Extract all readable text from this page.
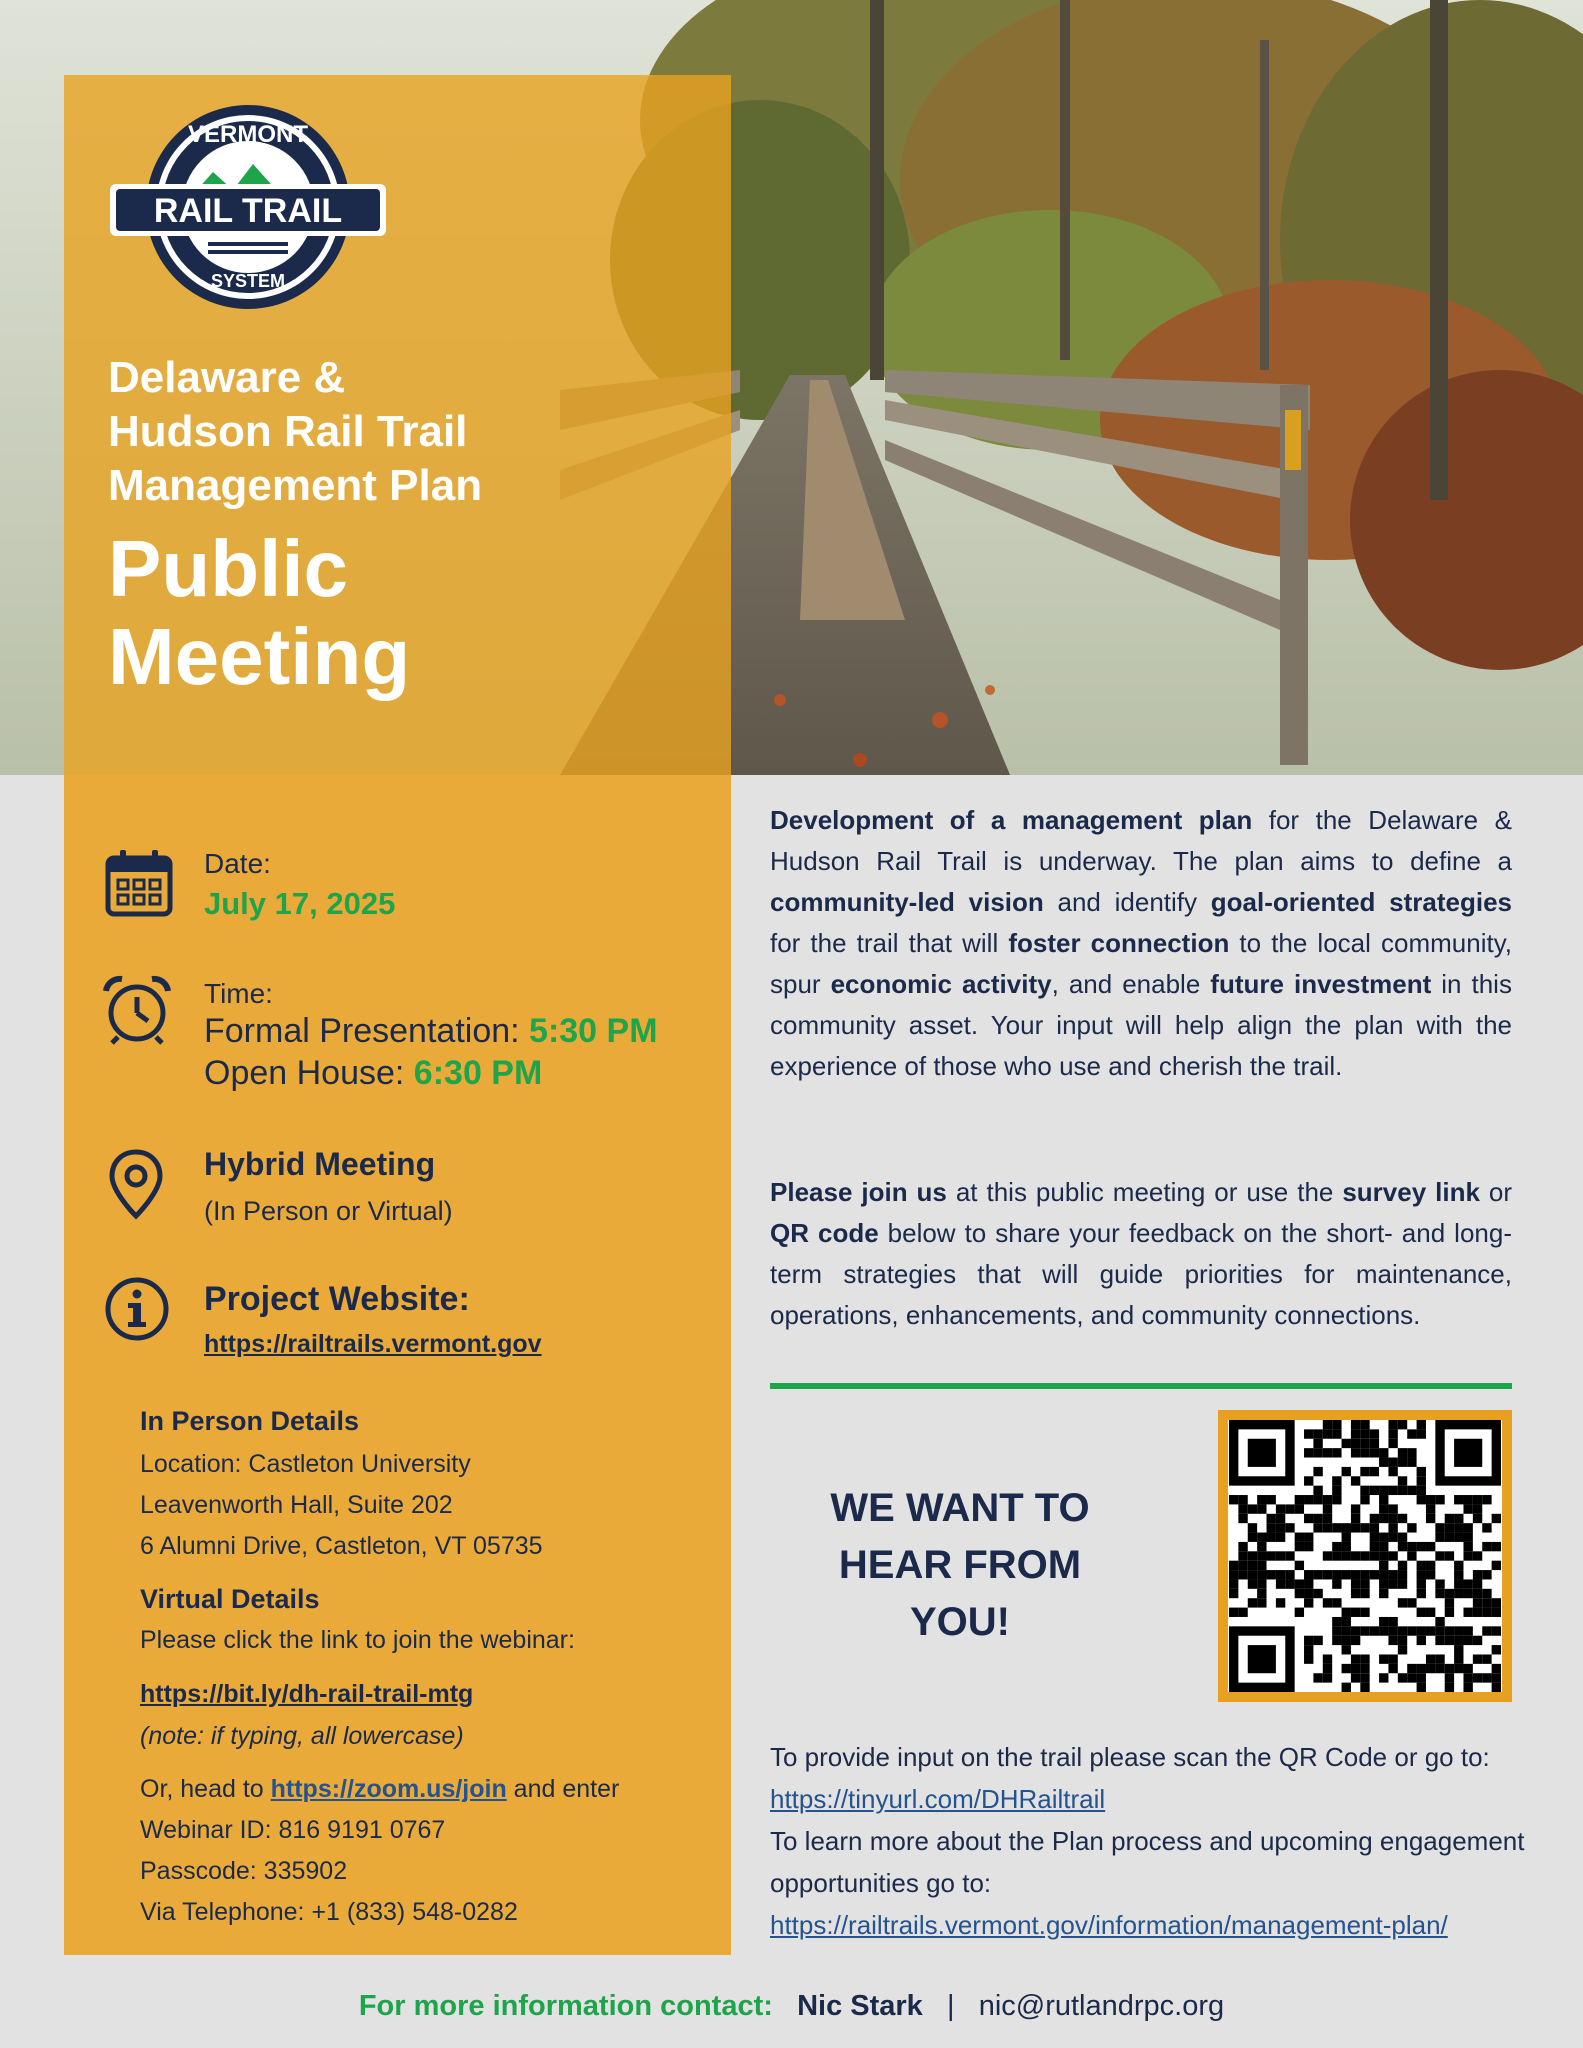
VERMONT
RAIL TRAIL
SYSTEM
Delaware &
Hudson Rail Trail
Management Plan
Public
Meeting
Date:
July 17, 2025
Time:
Formal Presentation: 5:30 PM
Open House: 6:30 PM
Hybrid Meeting
(In Person or Virtual)
Project Website:
https://railtrails.vermont.gov
In Person Details
Location: Castleton University
Leavenworth Hall, Suite 202
6 Alumni Drive, Castleton, VT 05735
Virtual Details
Please click the link to join the webinar:
https://bit.ly/dh-rail-trail-mtg
(note: if typing, all lowercase)
Or, head to https://zoom.us/join and enter
Webinar ID: 816 9191 0767
Passcode: 335902
Via Telephone: +1 (833) 548-0282
Development of a management plan for the Delaware & Hudson Rail Trail is underway. The plan aims to define a community-led vision and identify goal-oriented strategies for the trail that will foster connection to the local community, spur economic activity, and enable future investment in this community asset. Your input will help align the plan with the experience of those who use and cherish the trail.
Please join us at this public meeting or use the survey link or QR code below to share your feedback on the short- and long-term strategies that will guide priorities for maintenance, operations, enhancements, and community connections.
WE WANT TO
HEAR FROM
YOU!
To provide input on the trail please scan the QR Code or go to:
https://tinyurl.com/DHRailtrail
To learn more about the Plan process and upcoming engagement
opportunities go to:
https://railtrails.vermont.gov/information/management-plan/
For more information contact: Nic Stark | nic@rutlandrpc.org
